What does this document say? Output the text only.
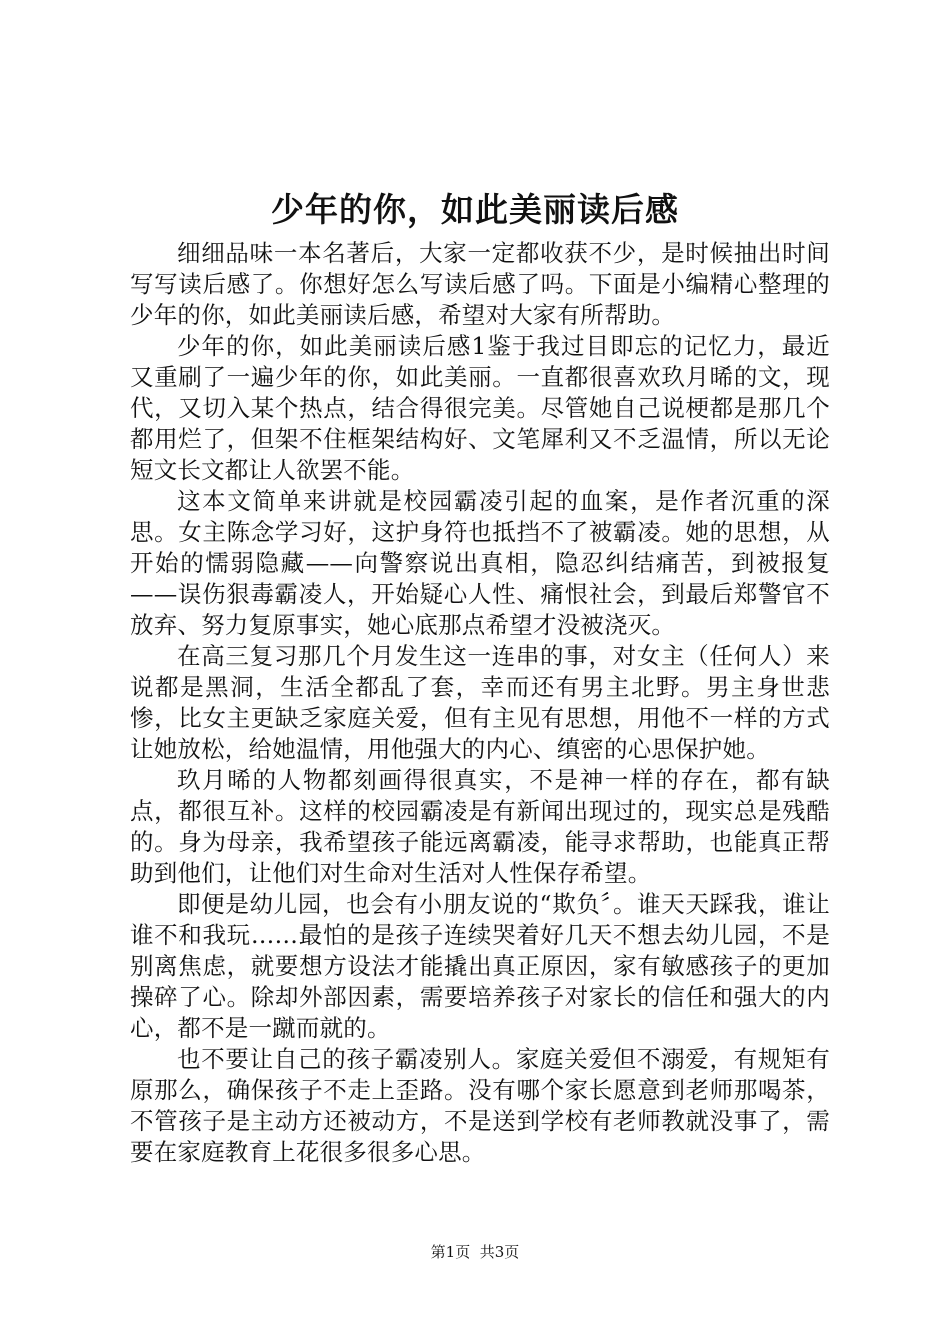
少年的你，如此美丽读后感

细细品味一本名著后，大家一定都收获不少，是时候抽出时间写写读后感了。你想好怎么写读后感了吗。下面是小编精心整理的少年的你，如此美丽读后感，希望对大家有所帮助。

少年的你，如此美丽读后感1鉴于我过目即忘的记忆力，最近又重刷了一遍少年的你，如此美丽。一直都很喜欢玖月晞的文，现代，又切入某个热点，结合得很完美。尽管她自己说梗都是那几个都用烂了，但架不住框架结构好、文笔犀利又不乏温情，所以无论短文长文都让人欲罢不能。

这本文简单来讲就是校园霸凌引起的血案，是作者沉重的深思。女主陈念学习好，这护身符也抵挡不了被霸凌。她的思想，从开始的懦弱隐藏——向警察说出真相，隐忍纠结痛苦，到被报复——误伤狠毒霸凌人，开始疑心人性、痛恨社会，到最后郑警官不放弃、努力复原事实，她心底那点希望才没被浇灭。

在高三复习那几个月发生这一连串的事，对女主（任何人）来说都是黑洞，生活全都乱了套，幸而还有男主北野。男主身世悲惨，比女主更缺乏家庭关爱，但有主见有思想，用他不一样的方式让她放松，给她温情，用他强大的内心、缜密的心思保护她。

玖月晞的人物都刻画得很真实，不是神一样的存在，都有缺点，都很互补。这样的校园霸凌是有新闻出现过的，现实总是残酷的。身为母亲，我希望孩子能远离霸凌，能寻求帮助，也能真正帮助到他们，让他们对生命对生活对人性保存希望。

即便是幼儿园，也会有小朋友说的“欺负〞。谁天天踩我，谁让谁不和我玩……最怕的是孩子连续哭着好几天不想去幼儿园，不是别离焦虑，就要想方设法才能撬出真正原因，家有敏感孩子的更加操碎了心。除却外部因素，需要培养孩子对家长的信任和强大的内心，都不是一蹴而就的。

也不要让自己的孩子霸凌别人。家庭关爱但不溺爱，有规矩有原那么，确保孩子不走上歪路。没有哪个家长愿意到老师那喝茶，不管孩子是主动方还被动方，不是送到学校有老师教就没事了，需要在家庭教育上花很多很多心思。

第1页 共3页
